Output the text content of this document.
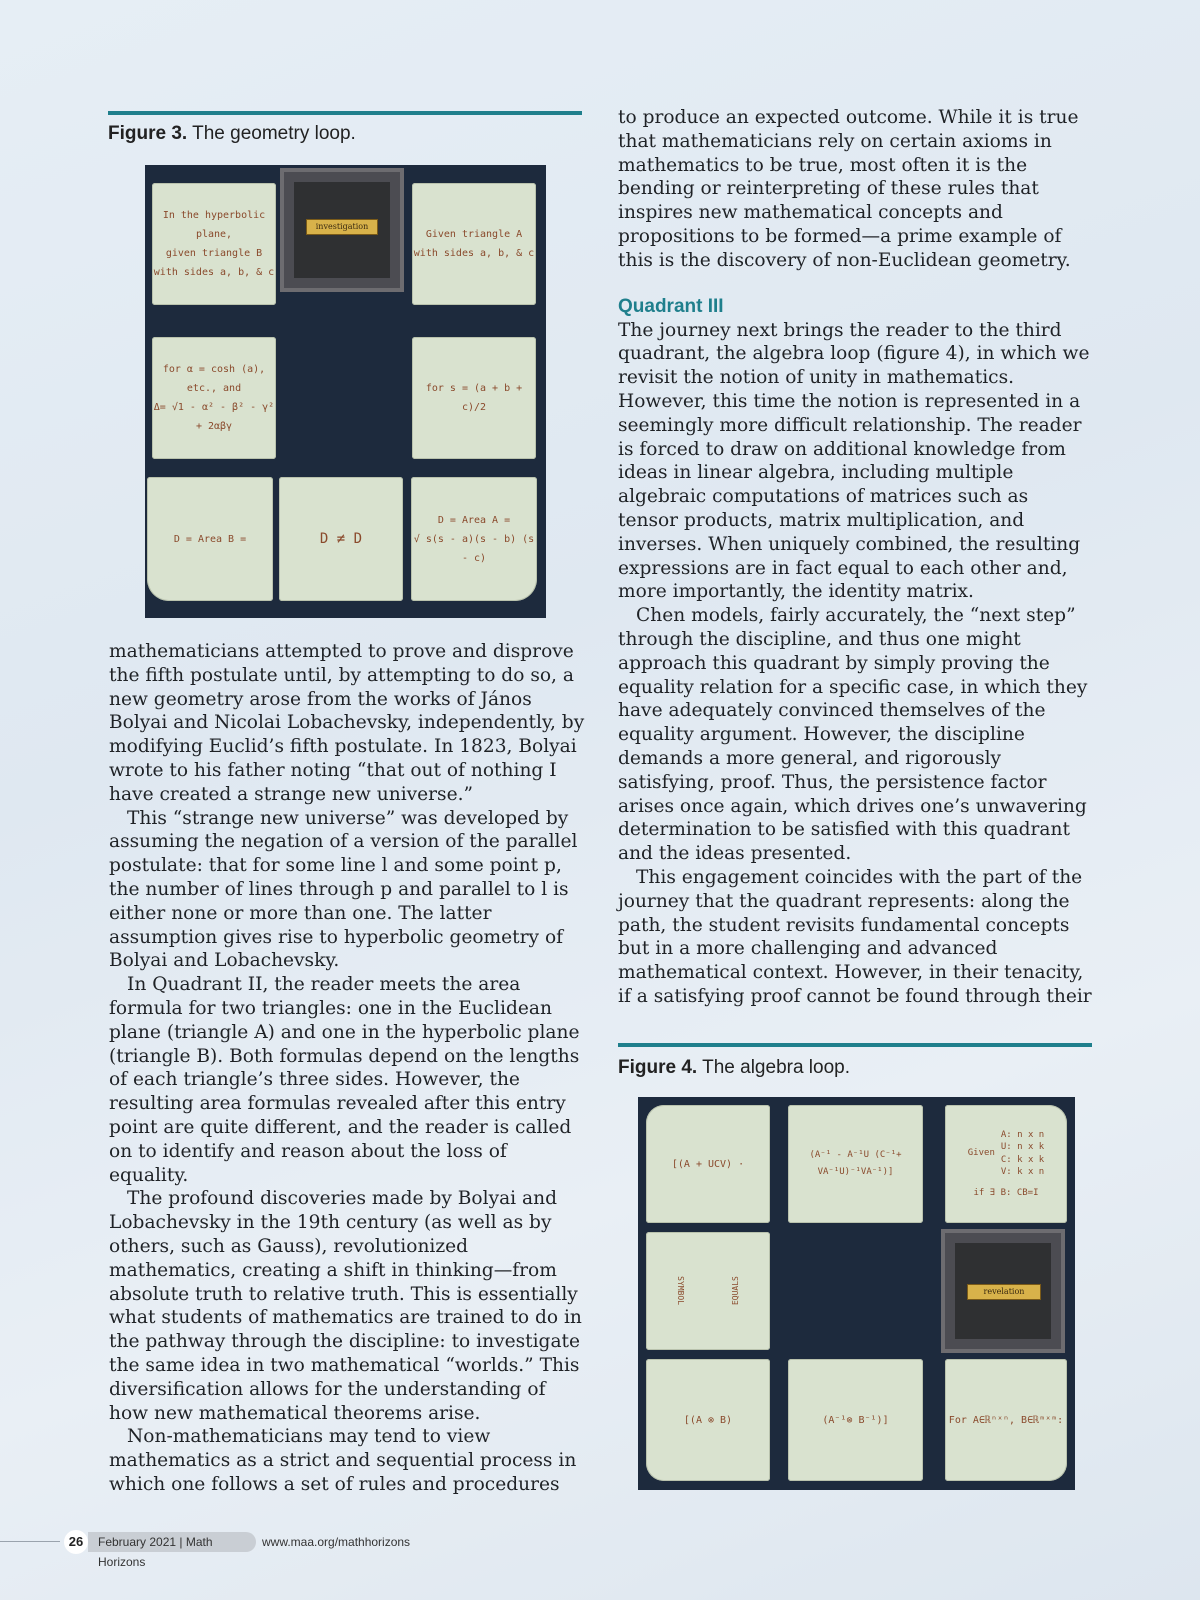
Figure 3. The geometry loop.
In the hyperbolic plane,
given triangle B
with sides a, b, & c
investigation
Given triangle A
with sides a, b, & c
for α = cosh (a), etc., and
Δ= √1 - α² - β² - γ² + 2αβγ
for s = (a + b + c)/2
D = Area B =	D ≠ D
D = Area A =
√ s(s - a)(s - b) (s - c)

mathematicians attempted to prove and disprove the fifth postulate until, by attempting to do so, a new geometry arose from the works of János Bolyai and Nicolai Lobachevsky, independently, by modifying Euclid’s fifth postulate. In 1823, Bolyai wrote to his father noting “that out of nothing I have created a strange new universe.”

This “strange new universe” was developed by assuming the negation of a version of the parallel postulate: that for some line l and some point p, the number of lines through p and parallel to l is either none or more than one. The latter assumption gives rise to hyperbolic geometry of Bolyai and Lobachevsky.

In Quadrant II, the reader meets the area formula for two triangles: one in the Euclidean plane (triangle A) and one in the hyperbolic plane (triangle B). Both formulas depend on the lengths of each triangle’s three sides. However, the resulting area formulas revealed after this entry point are quite different, and the reader is called on to identify and reason about the loss of equality.

The profound discoveries made by Bolyai and Lobachevsky in the 19th century (as well as by others, such as Gauss), revolutionized mathematics, creating a shift in thinking—from absolute truth to relative truth. This is essentially what students of mathematics are trained to do in the pathway through the discipline: to investigate the same idea in two mathematical “worlds.” This diversification allows for the understanding of how new mathematical theorems arise.

Non-mathematicians may tend to view mathematics as a strict and sequential process in which one follows a set of rules and procedures

to produce an expected outcome. While it is true that mathematicians rely on certain axioms in mathematics to be true, most often it is the bending or reinterpreting of these rules that inspires new mathematical concepts and propositions to be formed—a prime example of this is the discovery of non-Euclidean geometry.

Quadrant III

The journey next brings the reader to the third quadrant, the algebra loop (figure 4), in which we revisit the notion of unity in mathematics. However, this time the notion is represented in a seemingly more difficult relationship. The reader is forced to draw on additional knowledge from ideas in linear algebra, including multiple algebraic computations of matrices such as tensor products, matrix multiplication, and inverses. When uniquely combined, the resulting expressions are in fact equal to each other and, more importantly, the identity matrix.

Chen models, fairly accurately, the “next step” through the discipline, and thus one might approach this quadrant by simply proving the equality relation for a specific case, in which they have adequately convinced themselves of the equality argument. However, the discipline demands a more general, and rigorously satisfying, proof. Thus, the persistence factor arises once again, which drives one’s unwavering determination to be satisfied with this quadrant and the ideas presented.

This engagement coincides with the part of the journey that the quadrant represents: along the path, the student revisits fundamental concepts but in a more challenging and advanced mathematical context. However, in their tenacity, if a satisfying proof cannot be found through their

Figure 4. The algebra loop.
[(A + UCV) ·
(A⁻¹ - A⁻¹U (C⁻¹+ VA⁻¹U)⁻¹VA⁻¹)]
Given
A: n x n
U: n x k
C: k x k
V: k x n
if ∃ B: CB=I
SYMBOL	EQUALS	revelation
[(A ⊗ B)	(A⁻¹⊗ B⁻¹)]	For A∈ℝⁿˣⁿ, B∈ℝᵐˣᵐ:
26	February 2021 | Math Horizons
www.maa.org/mathhorizons
